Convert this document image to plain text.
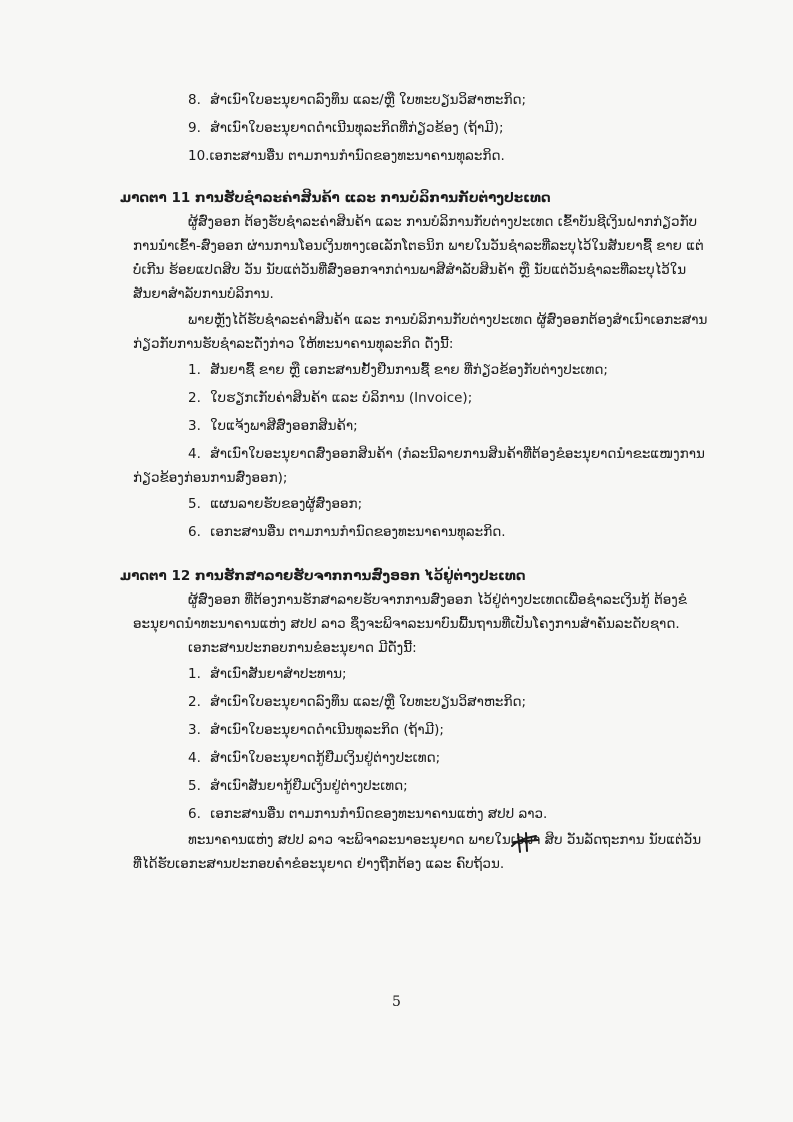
8. ສຳເນົາໃບອະນຸຍາດລົງທຶນ ແລະ/ຫຼື ໃບທະບຽນວິສາຫະກິດ;
9. ສຳເນົາໃບອະນຸຍາດດຳເນີນທຸລະກິດທີ່ກ່ຽວຂ້ອງ (ຖ້າມີ);
10.ເອກະສານອື່ນ ຕາມການກຳນົດຂອງທະນາຄານທຸລະກິດ.
ມາດຕາ 11 ການຮັບຊຳລະຄ່າສິນຄ້າ ແລະ ການບໍລິການກັບຕ່າງປະເທດ
ຜູ້ສົ່ງອອກ ຕ້ອງຮັບຊຳລະຄ່າສິນຄ້າ ແລະ ການບໍລິການກັບຕ່າງປະເທດ ເຂົ້າບັນຊີເງິນຝາກກ່ຽວກັບ
ການນຳເຂົ້າ-ສົ່ງອອກ ຜ່ານການໂອນເງິນທາງເອເລັກໂຕຣນິກ ພາຍໃນວັນຊຳລະທີ່ລະບຸໄວ້ໃນສັນຍາຊື້ ຂາຍ ແຕ່
ບໍ່ເກີນ ຮ້ອຍແປດສິບ ວັນ ນັບແຕ່ວັນທີ່ສົ່ງອອກຈາກດ່ານພາສີສຳລັບສິນຄ້າ ຫຼື ນັບແຕ່ວັນຊຳລະທີ່ລະບຸໄວ້ໃນ
ສັນຍາສຳລັບການບໍລິການ.
ພາຍຫຼັງໄດ້ຮັບຊຳລະຄ່າສິນຄ້າ ແລະ ການບໍລິການກັບຕ່າງປະເທດ ຜູ້ສົ່ງອອກຕ້ອງສຳເນົາເອກະສານ
ກ່ຽວກັບການຮັບຊຳລະດັ່ງກ່າວ ໃຫ້ທະນາຄານທຸລະກິດ ດັ່ງນີ້:
1. ສັນຍາຊື້ ຂາຍ ຫຼື ເອກະສານຢັ້ງຢືນການຊື້ ຂາຍ ທີ່ກ່ຽວຂ້ອງກັບຕ່າງປະເທດ;
2. ໃບຮຽກເກັບຄ່າສິນຄ້າ ແລະ ບໍລິການ (Invoice);
3. ໃບແຈ້ງພາສີສົ່ງອອກສິນຄ້າ;
4. ສຳເນົາໃບອະນຸຍາດສົ່ງອອກສິນຄ້າ (ກໍລະນີລາຍການສິນຄ້າທີ່ຕ້ອງຂໍອະນຸຍາດນຳຂະແໜງການ
ກ່ຽວຂ້ອງກ່ອນການສົ່ງອອກ);
5. ແຜນລາຍຮັບຂອງຜູ້ສົ່ງອອກ;
6. ເອກະສານອື່ນ ຕາມການກຳນົດຂອງທະນາຄານທຸລະກິດ.
ມາດຕາ 12 ການຮັກສາລາຍຮັບຈາກການສົ່ງອອກ ໄວ້ຢູ່ຕ່າງປະເທດ
ຜູ້ສົ່ງອອກ ທີ່ຕ້ອງການຮັກສາລາຍຮັບຈາກການສົ່ງອອກ ໄວ້ຢູ່ຕ່າງປະເທດເພື່ອຊຳລະເງິນກູ້ ຕ້ອງຂໍ
ອະນຸຍາດນຳທະນາຄານແຫ່ງ ສປປ ລາວ ຊຶ່ງຈະພິຈາລະນາບົນພື້ນຖານທີ່ເປັນໂຄງການສຳຄັນລະດັບຊາດ.
ເອກະສານປະກອບການຂໍອະນຸຍາດ ມີດັ່ງນີ້:
1. ສຳເນົາສັນຍາສຳປະທານ;
2. ສຳເນົາໃບອະນຸຍາດລົງທຶນ ແລະ/ຫຼື ໃບທະບຽນວິສາຫະກິດ;
3. ສຳເນົາໃບອະນຸຍາດດຳເນີນທຸລະກິດ (ຖ້າມີ);
4. ສຳເນົາໃບອະນຸຍາດກູ້ຢືມເງິນຢູ່ຕ່າງປະເທດ;
5. ສຳເນົາສັນຍາກູ້ຢືມເງິນຢູ່ຕ່າງປະເທດ;
6. ເອກະສານອື່ນ ຕາມການກຳນົດຂອງທະນາຄານແຫ່ງ ສປປ ລາວ.
ທະນາຄານແຫ່ງ ສປປ ລາວ ຈະພິຈາລະນາອະນຸຍາດ ພາຍໃນເວລາ ສິບ ວັນລັດຖະການ ນັບແຕ່ວັນ
ທີ່ໄດ້ຮັບເອກະສານປະກອບຄຳຂໍອະນຸຍາດ ຢ່າງຖືກຕ້ອງ ແລະ ຄົບຖ້ວນ.
5
